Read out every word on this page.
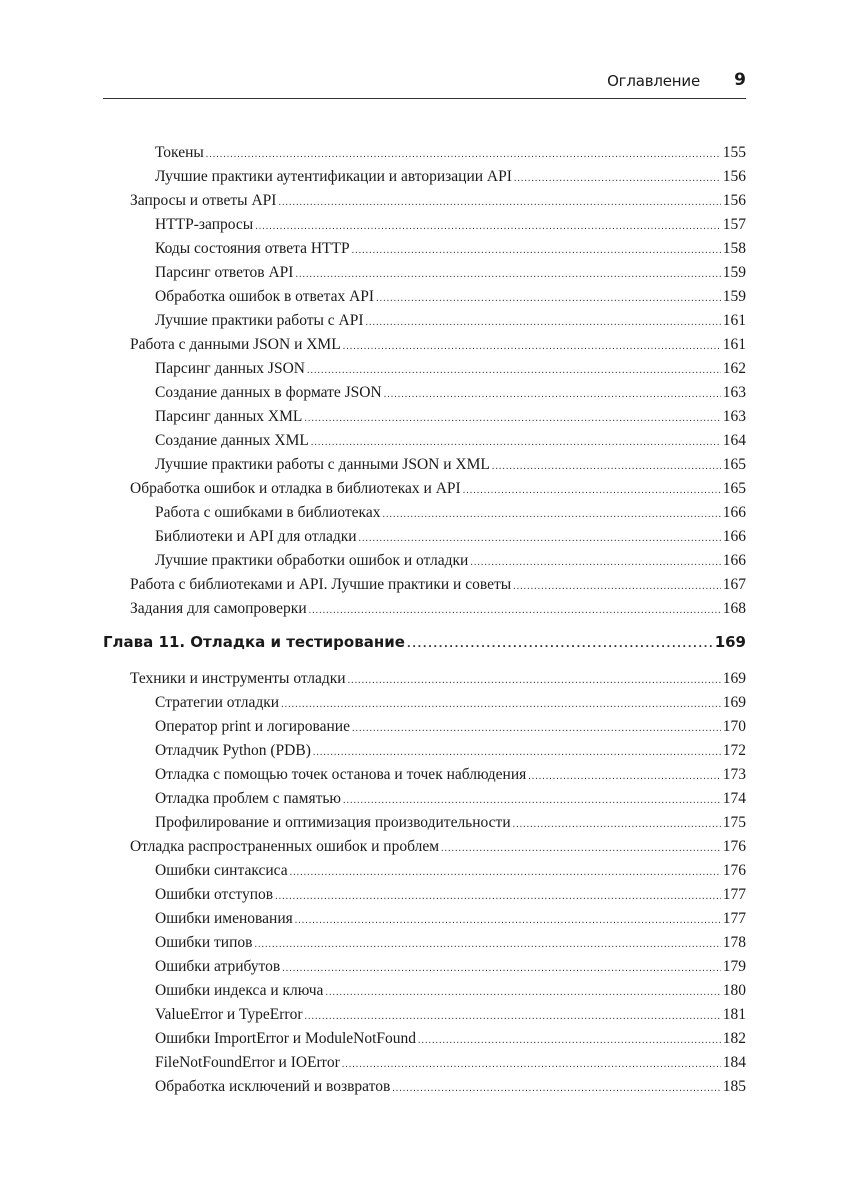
Оглавление 9
Токены .....	155
Лучшие практики аутентификации и авторизации API .....	156
Запросы и ответы API .....	156
HTTP-запросы .....	157
Коды состояния ответа HTTP .....	158
Парсинг ответов API .....	159
Обработка ошибок в ответах API .....	159
Лучшие практики работы с API .....	161
Работа с данными JSON и XML .....	161
Парсинг данных JSON .....	162
Создание данных в формате JSON .....	163
Парсинг данных XML .....	163
Создание данных XML .....	164
Лучшие практики работы с данными JSON и XML .....	165
Обработка ошибок и отладка в библиотеках и API .....	165
Работа с ошибками в библиотеках .....	166
Библиотеки и API для отладки .....	166
Лучшие практики обработки ошибок и отладки .....	166
Работа с библиотеками и API. Лучшие практики и советы .....	167
Задания для самопроверки .....	168
Глава 11. Отладка и тестирование .....	169
Техники и инструменты отладки .....	169
Стратегии отладки .....	169
Оператор print и логирование .....	170
Отладчик Python (PDB) .....	172
Отладка с помощью точек останова и точек наблюдения .....	173
Отладка проблем с памятью .....	174
Профилирование и оптимизация производительности .....	175
Отладка распространенных ошибок и проблем .....	176
Ошибки синтаксиса .....	176
Ошибки отступов .....	177
Ошибки именования .....	177
Ошибки типов .....	178
Ошибки атрибутов .....	179
Ошибки индекса и ключа .....	180
ValueError и TypeError .....	181
Ошибки ImportError и ModuleNotFound .....	182
FileNotFoundError и IOError .....	184
Обработка исключений и возвратов .....	185
